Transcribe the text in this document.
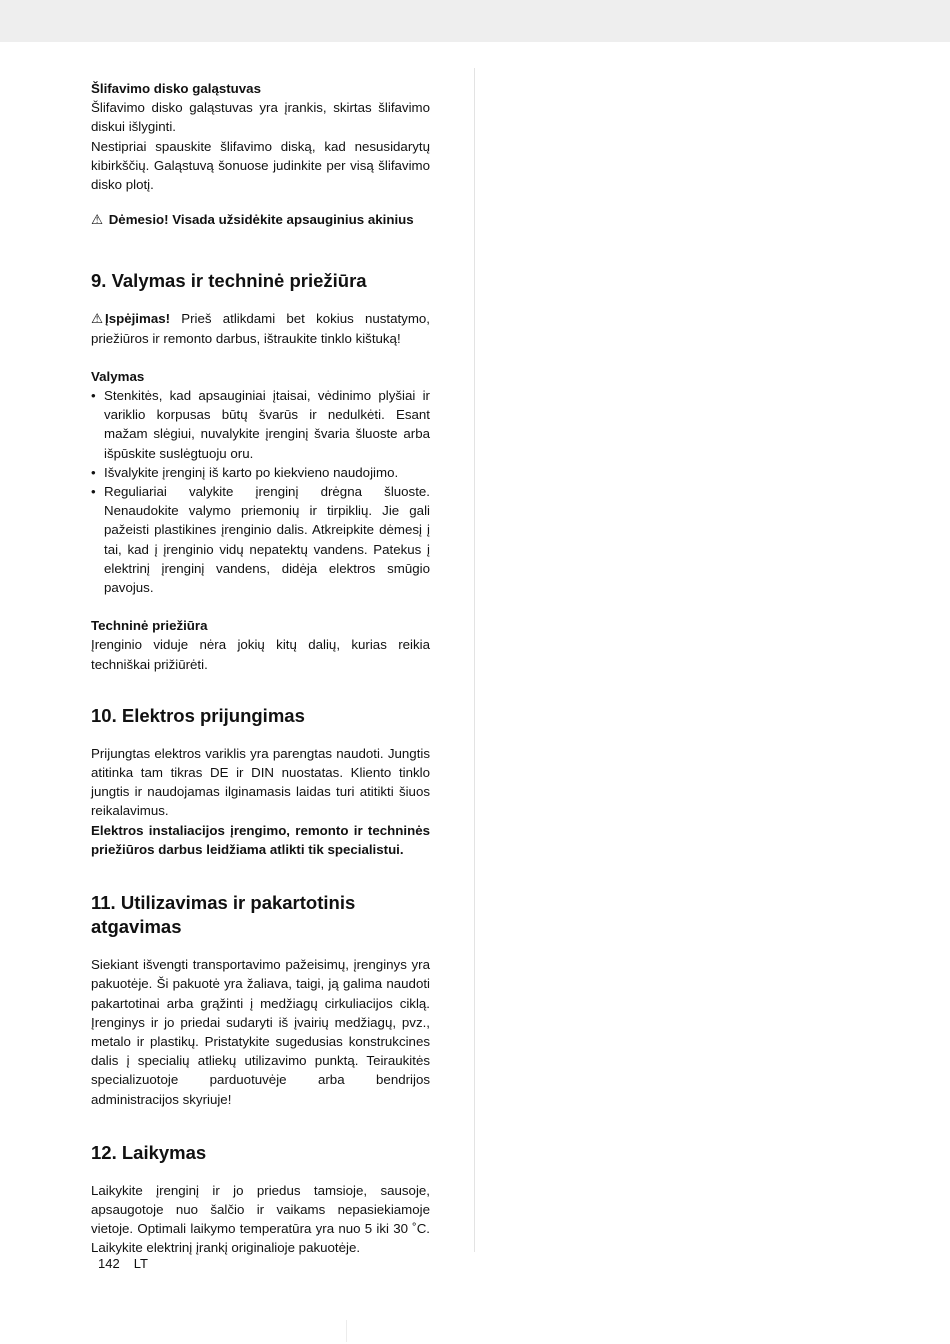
Šlifavimo disko galąstuvas

Šlifavimo disko galąstuvas yra įrankis, skirtas šlifavimo diskui išlyginti.

Nestipriai spauskite šlifavimo diską, kad nesusidarytų kibirkščių. Galąstuvą šonuose judinkite per visą šlifavimo disko plotį.

⚠ Dėmesio! Visada užsidėkite apsauginius akinius

9. Valymas ir techninė priežiūra

⚠ Įspėjimas! Prieš atlikdami bet kokius nustatymo, priežiūros ir remonto darbus, ištraukite tinklo kištuką!

Valymas

• Stenkitės, kad apsauginiai įtaisai, vėdinimo plyšiai ir variklio korpusas būtų švarūs ir nedulkėti. Esant mažam slėgiui, nuvalykite įrenginį švaria šluoste arba išpūskite suslėgtuoju oru.
• Išvalykite įrenginį iš karto po kiekvieno naudojimo.
• Reguliariai valykite įrenginį drėgna šluoste. Nenaudokite valymo priemonių ir tirpiklių. Jie gali pažeisti plastikines įrenginio dalis. Atkreipkite dėmesį į tai, kad į įrenginio vidų nepatektų vandens. Patekus į elektrinį įrenginį vandens, didėja elektros smūgio pavojus.

Techninė priežiūra

Įrenginio viduje nėra jokių kitų dalių, kurias reikia techniškai prižiūrėti.

10. Elektros prijungimas

Prijungtas elektros variklis yra parengtas naudoti. Jungtis atitinka tam tikras DE ir DIN nuostatas. Kliento tinklo jungtis ir naudojamas ilginamasis laidas turi atitikti šiuos reikalavimus.

Elektros instaliacijos įrengimo, remonto ir techninės priežiūros darbus leidžiama atlikti tik specialistui.

11. Utilizavimas ir pakartotinis atgavimas

Siekiant išvengti transportavimo pažeisimų, įrenginys yra pakuotėje. Ši pakuotė yra žaliava, taigi, ją galima naudoti pakartotinai arba grąžinti į medžiagų cirkuliacijos ciklą. Įrenginys ir jo priedai sudaryti iš įvairių medžiagų, pvz., metalo ir plastikų. Pristatykite sugedusias konstrukcines dalis į specialių atliekų utilizavimo punktą. Teiraukitės specializuotoje parduotuvėje arba bendrijos administracijos skyriuje!

12. Laikymas

Laikykite įrenginį ir jo priedus tamsioje, sausoje, apsaugotoje nuo šalčio ir vaikams nepasiekiamoje vietoje. Optimali laikymo temperatūra yra nuo 5 iki 30 ˚C. Laikykite elektrinį įrankį originalioje pakuotėje.

142 LT
